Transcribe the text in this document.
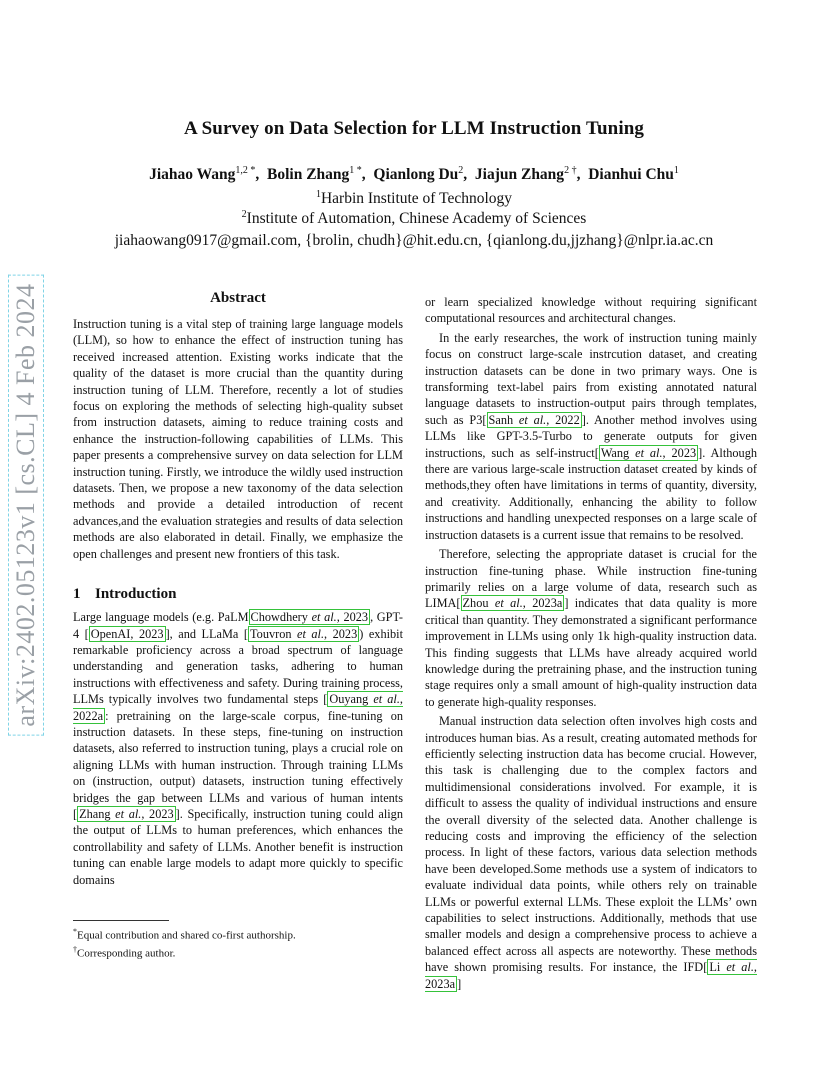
arXiv:2402.05123v1 [cs.CL] 4 Feb 2024
A Survey on Data Selection for LLM Instruction Tuning
Jiahao Wang$^{1,2 *}$,  Bolin Zhang$^{1 *}$,  Qianlong Du$^2$,  Jiajun Zhang$^{2 \dagger}$,  Dianhui Chu$^1$
$^1$Harbin Institute of Technology
$^2$Institute of Automation, Chinese Academy of Sciences
jiahaowang0917@gmail.com, {brolin, chudh}@hit.edu.cn, {qianlong.du,jjzhang}@nlpr.ia.ac.cn
Abstract

Instruction tuning is a vital step of training large language models (LLM), so how to enhance the effect of instruction tuning has received increased attention. Existing works indicate that the quality of the dataset is more crucial than the quantity during instruction tuning of LLM. Therefore, recently a lot of studies focus on exploring the methods of selecting high-quality subset from instruction datasets, aiming to reduce training costs and enhance the instruction-following capabilities of LLMs. This paper presents a comprehensive survey on data selection for LLM instruction tuning. Firstly, we introduce the wildly used instruction datasets. Then, we propose a new taxonomy of the data selection methods and provide a detailed introduction of recent advances,and the evaluation strategies and results of data selection methods are also elaborated in detail. Finally, we emphasize the open challenges and present new frontiers of this task.

1 Introduction

Large language models (e.g. PaLM Chowdhery et al., 2023 , GPT-4 [ OpenAI, 2023 ], and LLaMa [ Touvron et al., 2023 ) exhibit remarkable proficiency across a broad spectrum of language understanding and generation tasks, adhering to human instructions with effectiveness and safety. During training process, LLMs typically involves two fundamental steps [ Ouyang et al., 2022a : pretraining on the large-scale corpus, fine-tuning on instruction datasets. In these steps, fine-tuning on instruction datasets, also referred to instruction tuning, plays a crucial role on aligning LLMs with human instruction. Through training LLMs on (instruction, output) datasets, instruction tuning effectively bridges the gap between LLMs and various of human intents [ Zhang et al., 2023 ]. Specifically, instruction tuning could align the output of LLMs to human preferences, which enhances the controllability and safety of LLMs. Another benefit is instruction tuning can enable large models to adapt more quickly to specific domains

*Equal contribution and shared co-first authorship.
†Corresponding author.

or learn specialized knowledge without requiring significant computational resources and architectural changes.

In the early researches, the work of instruction tuning mainly focus on construct large-scale instrcution dataset, and creating instruction datasets can be done in two primary ways. One is transforming text-label pairs from existing annotated natural language datasets to instruction-output pairs through templates, such as P3[ Sanh et al., 2022 ]. Another method involves using LLMs like GPT-3.5-Turbo to generate outputs for given instructions, such as self-instruct[ Wang et al., 2023 ]. Although there are various large-scale instruction dataset created by kinds of methods,they often have limitations in terms of quantity, diversity, and creativity. Additionally, enhancing the ability to follow instructions and handling unexpected responses on a large scale of instruction datasets is a current issue that remains to be resolved.

Therefore, selecting the appropriate dataset is crucial for the instruction fine-tuning phase. While instruction fine-tuning primarily relies on a large volume of data, research such as LIMA[ Zhou et al., 2023a ] indicates that data quality is more critical than quantity. They demonstrated a significant performance improvement in LLMs using only 1k high-quality instruction data. This finding suggests that LLMs have already acquired world knowledge during the pretraining phase, and the instruction tuning stage requires only a small amount of high-quality instruction data to generate high-quality responses.

Manual instruction data selection often involves high costs and introduces human bias. As a result, creating automated methods for efficiently selecting instruction data has become crucial. However, this task is challenging due to the complex factors and multidimensional considerations involved. For example, it is difficult to assess the quality of individual instructions and ensure the overall diversity of the selected data. Another challenge is reducing costs and improving the efficiency of the selection process. In light of these factors, various data selection methods have been developed.Some methods use a system of indicators to evaluate individual data points, while others rely on trainable LLMs or powerful external LLMs. These exploit the LLMs’ own capabilities to select instructions. Additionally, methods that use smaller models and design a comprehensive process to achieve a balanced effect across all aspects are noteworthy. These methods have shown promising results. For instance, the IFD[ Li et al., 2023a ]
